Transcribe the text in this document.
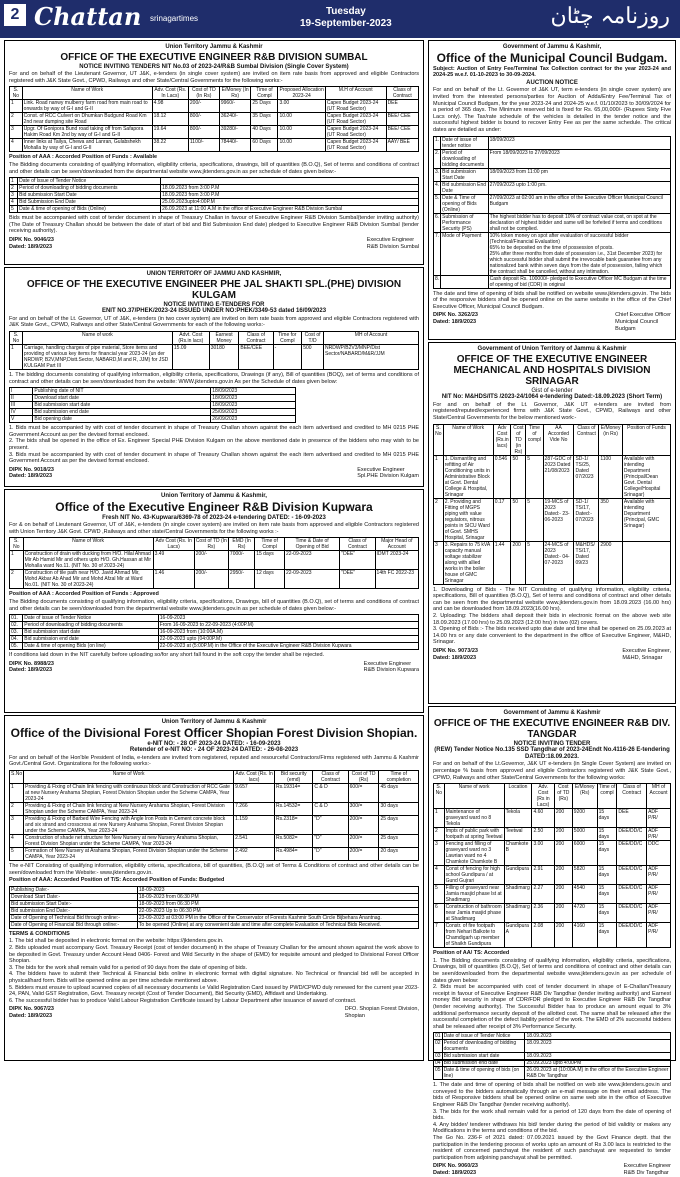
2 Chattan srinagartimes
Tuesday
19-September-2023	روزنامہ چٹان
Union Territory Jammu & Kashmir
OFFICE OF THE EXECUTIVE ENGINEER R&B DIVISION SUMBAL
NOTICE INVITING TENDERS NIT No.03 of 2023-24/R&B Sumbal Division (Single Cover System)

For and on behalf of the Lieutenant Governor, UT J&K, e-tenders (in single cover system) are invited on item rate basis from approved and eligible Contractors registered with J&K State Govt., CPWD, Railways and other State/Central Governments for the following works:-

S. No	Name of Work	Adv. Cost (Rs. In Lacs)	Cost of TD (In Rs)	E/Money (In Rs)	Time of Compl	Proposed Allocation 2023-24	M.H of Account	Class of Contract
1	Link. Road nanwy mulberry farm road from main road to onwards by way of G-I and G-II	4.98	200/-	9960/-	25 Days	3.00	Capex Budget 2023-24 (UT Road Sector)	DEE
2	Const. of RCC Culvert on Dhumkan Budgund Road Km 2nd near dumping site Road	18.12	800/-	36240/-	35 Days	10.00	Capex Budget 2023-24 (UT Road Sector)	BEE/ CEE
3	Upgr. Of Gonipora Bund road taking off from Safapora Hakim Road Km 2nd by way of G-I and G-II	19.64	800/-	39280/-	40 Days	10.00	Capex Budget 2023-24 (UT Road Sector)	BEE/ CEE
4	Inner links at Tailya, Chewa and Lanran, Gulabshekh Mohalla by way of G-I and G-II	38.22	1100/-	78440/-	60 Days	10.00	Capex Budget 2023-24 (UT Road Sector)	AAY/ BEE

Position of AAA : Accorded Position of Funds : Available

The Bidding documents consisting of qualifying information, eligibility criteria, specifications, drawings, bill of quantities (B.O.Q), Set of terms and conditions of contract and other details can be seen/downloaded from the departmental website www.jktenders.gov.in as per schedule of dates given below:-

1	Date of Issue of Tender Notice	
2	Period of downloading of bidding documents	18.09.2023 from 3:00 P.M
3	Bid submission Start Date	18.09.2023 from 3:00 P.M
4	Bid Submission End Date	25.09.2023upto4:00P.M
5	Date & time of opening of Bids (Online)	26.09.2023 at 11:00 A.M in the office of Executive Engineer R&B Division Sumbal

Bids must be accompanied with cost of tender document in shape of Treasury Challan in favour of Executive Engineer R&B Division Sumbal(tender inviting authority) (The Date of Treasury Challan should be between the date of start of bid and Bid Submission End date) pledged to Executive Engineer R&B Division Sumbal (tender receiving authority).

DIPK No. 9046/23
Dated: 18/9/2023
Executive Engineer
R&B Division Sumbal
UNION TERRITORY OF JAMMU AND KASHMIR,
OFFICE OF THE EXECUTIVE ENGINEER PHE JAL SHAKTI SPL.(PHE) DIVISION KULGAM
NOTICE INVITING E-TENDERS FOR
ENIT NO.37/PHEK/2023-24 ISSUED UNDER NO:PHEK/3349-53 dated 16/09/2023

For and on behalf of the Lt. Governor, UT of J&K, e-tenders (in two cover system) are invited on item rate basis from approved and eligible Contractors registered with J&K State Govt., CPWD, Railways and other State/Central Governments for each of the following works:-

S. No	Name of work	Advt. Cost (Rs.in lacs)	Earnest Money	Class of Contract	Time for Compl	Cost of T/D	MH of Account
1	Carriage, handling charges of pipe material, Store items and providing of various key items for financial year 2023-24 (un der NRDWP, B2V,MNP,Distt.Sector, NABARD,M and R, JJM) for JSD KULGAM Part III	15.09	30180	BEE/CEE	-	500	NRDWP/B2V3/MNP/Dist Sector/NABARD/M&R/JJM

1. The bidding documents consisting of qualifying information, eligibility criteria, specifications, Drawings (if any), Bill of quantities (BOQ), set of terms and conditions of contract and other details can be seen/downloaded from the website: WWW.jktenders.gov.in As per the Schedule of dates given below:

I	Publishing date of NIT	18/09/2023
II	Download start date	18/09/2023
III	Bid submission start date	18/09/2023
IV	Bid submission end date	25/09/2023
V	Bid opening date	26/09/2023

1. Bids must be accompanied by with cost of tender document in shape of Treasury Challan shown against the each item advertised and credited to MH 0215 PHE Government Account as per the devised format enclosed.
2. The bids shall be opened in the office of Ex. Engineer Special PHE Division Kulgam on the above mentioned date in presence of the bidders who may wish to be present.
3. Bids must be accompanied by with cost of tender document in shape of Treasury Challan shown against the each item advertised and credited to MH 0215 PHE Government Account as per the devised format enclosed.

DIPK No. 9018/23
Dated: 18/9/2023
Executive Engineer
Spl.PHE Division Kulgam
Union Territory of Jammu & Kashmir,
Office of the Executive Engineer R&B Division Kupwara
Fresh NIT No. 43-Kupwara/6369-78 of 2023-24 e-tendering DATED: - 16-09-2023

For & on behalf of Lieutenant Governor, UT of J&K, e-tenders (in single cover system) are invited on item rate basis from approved and eligible Contractors registered with Union Territory J&K Govt. CPWD ,Railways and other state/Central Governments for the following works :-

S. No	Name of Work	Adv Cost (Rs. In Lacs)	Cost of TD (In Rs)	EMD (In Rs)	Time of Compl	Time & Date of Opening of Bid	Class of Contract	Major Head of Account
1	Construction of drain with ducking from H/O. Hilal Ahmad Mir Ab Hamid Mir and others upto H/O. Gh.Hassan at Mir Mohalla ward No.11. (NIT No. 30 of 2023-24)	3.49	200/-	7000/-	15 days	22-09-2023	"DEE"	IDMT 2023-24
2	Construction of tile path near H/O. Javid Ahmad Mir, Mohd Akbar Ab Ahad Mir and Mohd Afzal Mir at Ward No.01. (NIT No. 30 of 2023-24)	1.46	200/-	2950/-	12 days	22-09-2023	"DEE"	14th FC 2022-23

Position of AAA : Accorded Position of Funds : Approved

The Bidding documents consisting of qualifying information, eligibility criteria, specifications, Drawings, bill of quantities (B.O.Q), set of terms and conditions of contract and other details can be seen/downloaded from the departmental website www.jktenders.gov.in as per schedule of dates given below:-

01.	Date of issue of Tender Notice	16-09-2023
02.	Period of downloading of bidding documents	From 16-09-2023 to 22-09-2023 (4:00P.M)
03.	Bid submission start date	16-09-2023 from (10:00A.M)
04.	Bid submission end date	22-09-2023 upto (04:00P.M)
05.	Date & time of opening Bids (on line)	22-09-2023 at (5:00P.M) in the Office of the Executive Engineer R&B Division Kupwara

If conditions laid down in the NIT carefully before uploading so/for any short fall found in the soft copy the tender shall be rejected.

DIPK No. 8988/23
Dated: 18/9/2023
Executive Engineer
R&B Division Kupwara
Union Territory of Jammu & Kashmir
Office of the Divisional Forest Officer Shopian Forest Division Shopian.
e-NIT NO: - 28 OF 2023-24 DATED: - 16-09-2023
Retender of e-NIT NO: - 24 OF 2023-24 DATED: - 26-08-2023

For and on behalf of the Hon'ble President of India, e-tenders are invited from registered, reputed and resourceful Contractors/Firms registered with Jammu & Kashmir Govt./Central Govt. Organizations for the following works:-

S.No	Name of Work	Adv. Cost (Rs. In lacs)	Bid security (emd)	Class of Contract	Cost of TD (Rs)	Time of completion
1	Providing & Fixing of Chain link fencing with continuous block and Construction of RCC Gate at new Nursery Arahama Shopian, Forest Division Shopian under the Scheme CAMPA, Year 2023-24	9.657	Rs.19314=	C & D	600/=	45 days
2	Providing & Fixing of Chain link fencing at New Nursery Arahama Shopian, Forest Division Shopian under the Scheme CAMPA, Year 2023-24	7.266	Rs.14532=	C & D	300/=	30 days
3	Providing & Fixing of Barbed Wire Fencing with Angle Iron Posts in Cement concrete block and six strand and crosscross at new Nursery Arahama Shopian, Forest Division Shopian under the Scheme CAMPA, Year 2023-24	1.159	Rs.2318=	"D"	200/=	25 days
4	Construction of shade net structure for New Nursery at new Nursery Arahama Shopian, Forest Division Shopian under the Scheme CAMPA, Year 2023-24	2.541	Rs.5082=	"D"	200/=	25 days
5	Formation of New Nursery at Arahama Shopian, Forest Division Shopian under the Scheme CAMPA, Year 2023-24	2.492	Rs.4984=	"D"	200/=	20 days

The e-NIT Consisting of qualifying information, eligibility criteria, specifications, bill of quantities, (B.O.Q) set of Terms & Conditions of contract and other details can be seen/downloaded from the Website:- www.jktenders.gov.in.

Position of AAA: Accorded Position of T/S: Accorded Position of Funds: Budgeted

Publishing Date:-	18-09-2023
Download Start Date:-	18-09-2023 from 06:30 PM
Bid submission Start Date:-	18-09-2023 from 06:30 PM
Bid submission End Date:-	22-09-2023 Up to 06:30 PM
Date of Opening of Technical Bid through online:-	23-09-2023 at 03:00 PM in the Office of the Conservator of Forests Kashmir South Circle Bijbehara Anantnag.
Date of Opening of Financial Bid through online:-	To be opened (Online) at any convenient date and time after complete Evaluation of Technical Bids Received.
TERMS & CONDITIONS

1. The bid shall be deposited in electronic format on the website: https://jktenders.gov.in.
2. Bids uploaded must accompany Govt. Treasury Receipt (cost of tender document) in the shape of Treasury Challan for the amount shown against the work above to be deposited in Govt. Treasury under Account Head 0406- Forest and Wild Security in the shape of (EMD) for requisite amount and pledged to Divisional Forest Officer Shopian.
3. The bids for the work shall remain valid for a period of 90 days from the date of opening of bids.
4. The bidders have to submit their Technical & Financial bids online in electronic format with digital signature. No Technical or financial bid will be accepted in physical/hard form. Bids will be opened online as per time schedule mentioned above.
5. Bidders must ensure to upload scanned copies of all necessary documents i.e Valid Registration Card issued by PWD/CPWD duly renewed for the current year 2023-24, PAN, Valid GST Registration, Govt. Treasury receipt (Cost of Tender Document), Bid Security (EMD), Affidavit and Undertaking.
6. The successful bidder has to produce Valid Labour Registration Certificate issued by Labour Department after issuance of award of contract.

DIPK No. 9067/23
Dated: 18/9/2023
DFO. Shopian Forest Division,
Shopian
Government of Jammu & Kashmir,
Office of the Municipal Council Budgam.

Subject: Auction of Entry Fee/Terminal Tax Collection contract for the year 2023-24 and 2024-25 w.e.f. 01-10-2023 to 30-09-2024.

AUCTION NOTICE

For and on behalf of the Lt. Governor of J&K UT, term e-tenders (in single cover system) are invited from the interested persons/parties for Auction of Adda/Entry Fee/Terminal Tax of Municipal Council Budgam, for the year 2023-24 and 2024-25 w.e.f. 01/10/2023 to 30/09/2024 for a period of 365 days. The Minimum reserved bid is fixed for Rs. 65,00,000/- (Rupees Sixty Five Lacs only). The Tax/rate schedule of the vehicles is detailed in the tender notice and the successful highest bidder is bound to recover Entry Fee as per the same schedule. The critical dates are detailed as under:

1.	Date of issue of tender notice	18/09/2023
2.	Period of downloading of bidding documents	From 18/09/2023 to 27/09/2023
3.	Bid submission Start Date	18/09/2023 from 11:00 pm
4.	Bid submission End Date	27/09/2023 upto 1:00 pm.
5.	Date & Time of opening of Bids (Online)	27/09/2023 at 02:00 am in the office of the Executive Officer Municipal Council Budgam
6.	Submission of Performance Security (PS)	The highest bidder has to deposit 10% of contract value cost, on spot at the declaration of highest bidder and same will be forfeited if terms and conditions shall not be complied.
7.	Mode of Payment	10% token money on spot after evaluation of successful bidder (Technical/Financial Evaluation)
65% to be deposited on the time of possession of posts.
25% after three months from date of possession i.e., 31st December 2023) for which successful bidder shall submit the irrevocable bank guarantee from any nationalized bank within seven days from the date of possession, failing which the contract shall be cancelled, without any intimation.
8.		Cash deposit Rs. 100000/- pledged to Executive Officer MC Budgam at the time of opening of bid (CDR) in original

The date and time of opening of bids shall be notified on website www.jktenders.gov.in. The bids of the responsive bidders shall be opened online on the same website in the office of the Chief Executive Officer, Municipal Council Budgam.

DIPK No. 3262/23
Dated: 18/9/2023
Chief Executive Officer
Municipal Council
Budgam
Government of Union Territory of Jammu & Kashmir
OFFICE OF THE EXECUTIVE ENGINEER MECHANICAL AND HOSPITALS DIVISION SRINAGAR
Gist of e-tender
NIT No: M&HDS/ITS /2023-24/1064 e-tendering Dated:-18.09.2023 (Short Term)

For and on behalf of the Lt. Governor, J&K UT e-tenders are invited from registered/reputed/experienced firms with J&K State Govt., CPWD, Railways and other State/Central Governments for the below mentioned work:-

S. No	Name of Work	Adv Cost (Rs.in lacs)	Cost of TD (in Rs)	Time of compl	AA Accorded Vide No	Class of Contract	E/Money (in Rs)	Position of Funds
1	1. Dismantling and refitting of Air Conditioning units in Administrative Block at Govt. Dental College & Hospital, Srinagar	0.546	50	5	287-GDC of 2023 Dated 21/08/2023	SD-1/ TS/25, Dated 07/2023	1100	Available with intending Department (Principal/Dean Govt. Dental College/Hospital Srinagar)
2	2. Providing and Fitting of MGPS piping with value regulators, nitrous points in SICU Ward of Govt. SMHS Hospital, Srinagar	0.17	50	5	19-MCS of 2023 Dated:- 23-06-2023	SD-1/ TS/17, Dated:- 07/2023	350	Available with intending Department (Principal, GMC Srinagar)
3	3. Repairs to 75 kVA capacity manual voltage stabilizer along with allied works in the boiler house of GMC Srinagar	1.44	200	5	24-MCS of 2023 Dated:- 04-07-2023	M&HDS/ TS/17, Dated 09/23	2900	

1. Downloading of Bids - The NIT Consisting of qualifying information, eligibility criteria, specifications, Bill of quantities (B.O.Q), Set of terms and conditions of contract and other details can be seen from the departmental website www.jktenders.gov.in from 18.09.2023 (16.00 hrs) and can be downloaded from 18.09.2023(16.00 hrs).
2. Uploading: The bidders shall deposit their bids in electronic format on the above web site 18.09.2023 (17.00 hrs) to 25.09.2023 (12:00 hrs) in two (02) covers.
3. Opening of Bids :- The bids received upto due date and time shall be opened on 25.09.2023 at 14.00 hrs or any date convenient to the department in the office of Executive Engineer, M&HD, Srinagar.

DIPK No. 9073/23
Dated: 18/9/2023
Executive Engineer,
M&HD, Srinagar
Government of Jammu & Kashmir
OFFICE OF THE EXECUTIVE ENGINEER R&B DIV. TANGDAR
NOTICE INVITING TENDER
(REW) Tender Notice No.135 SSD Tangdhar of 2023-24Endt No.4116-26 E-tendering DATED:18.09.2023.

For and on behalf of the Lt.Governor, J&K UT e-tenders (in Single Cover System) are invited on percentage % basis from approved and eligible Contractors registered with J&K State Govt., CPWD, Railways and other State/Central Governments for the following works:

S. No	Name of work	Location	Adv. Cost (Rs in Lacs)	Cost of TD (Rs)	E/Money (Rs)	Time of compl	Class of Contract	MH of Account
1	Maintenance of graveyard ward no 8 Tekola	Tekola	4.60	200	9200	15 days	DEE	ADF P/R/
2	Impts of public park with footpath at spring Teetwal	Teetwal	2.50	200	5000	15 days	DEE/DD/C	ADF P/R/
3	Fencing and filling of graveyard ward no 3 Lawrian ward no 4 Chamkote Chamkote B	Chamkote B	3.00	200	6000	15 days	DEE/DD/C	DDC
4	Const of fencing for high school Gundipura / at Gund Gujrari	Gundipura	2.91	200	5820	15 days	DEE/DD/C	ADF P/R/
5	Filling of graveyard near Jamia masjid phase lst at Shadimarg	Shadimarg	2.27	200	4540	15 days	DEE/DD/C	ADF P/R/
6	Construction of bathroom near Jamia masjid phase at Shadimarg	Shadimarg	2.36	200	4720	15 days	DEE/DD/C	ADF P/R/
7	Constr. of fire footpath from Nehari Balkote to Chamdigarh up member of Shaikh Gundipura	Gundipura A	2.08	200	4160	15 days	DEE/DD/C	ADF P/R/

Position of AA/ TS: Accorded

1. The Bidding documents consisting of qualifying information, eligibility criteria, specifications, Drawings, bill of quantities (B.O.Q), Set of terms and conditions of contract and other details can be seen/downloaded from the departmental website www.jktenders.gov.in as per schedule of dates given below:
2. Bids must be accompanied with cost of tender document in shape of E-Challan/Treasury receipt in favour of Executive Engineer R&B Div Tangdhar (tender inviting authority) and Earnest money Bid security in shape of CDR/FDR pledged to Executive Engineer R&B Div Tangdhar (tender receiving authority). The Successful Bidder has to produce an amount equal to 3% additional performance security deposit of the allotted cost. The same shall be released after the successful completion of the defect liability period of the work. The EMD of 2% successful bidders shall be released after receipt of 3% Performance Security.

01	Date of issue of Tender Notice	18.09.2023
02	Period of downloading of bidding documents	18.09.2023
03	Bid submission start date	18.09.2023
04	Bid submission end date	25.09.2023 upto 4:00PM
05	Date & time of opening of bids (on line)	26.09.2023 at (10:00A.M) in the office of the Executive Engineer R&B Div Tangdhar

1. The date and time of opening of bids shall be notified on web site www.jktenders.gov.in and conveyed to the bidders automatically through an e-mail message on their email address. The bids of Responsive bidders shall be opened online on same web site in the office of Executive Engineer R&B Div Tangdhar (tender receiving authority).
3. The bids for the work shall remain valid for a period of 120 days from the date of opening of bids.
4. Any bidder/ tenderer withdraws his bid/ tender during the period of bid validity or makes any Modifications in the terms and conditions of the bid.
The Go No. 236-F of 2021 dated: 07.09.2021 issued by the Govt Finance deptt. that the participation in the tendering process of works upto an amount of Rs 3.00 lacs is restricted to the resident of concerned panchayat the resident of such panchayat are requested to tender participation from adjoining panchayat shall be permitted.

DIPK No. 9060/23
Dated: 18/9/2023
Executive Engineer
R&B Div Tangdhar
